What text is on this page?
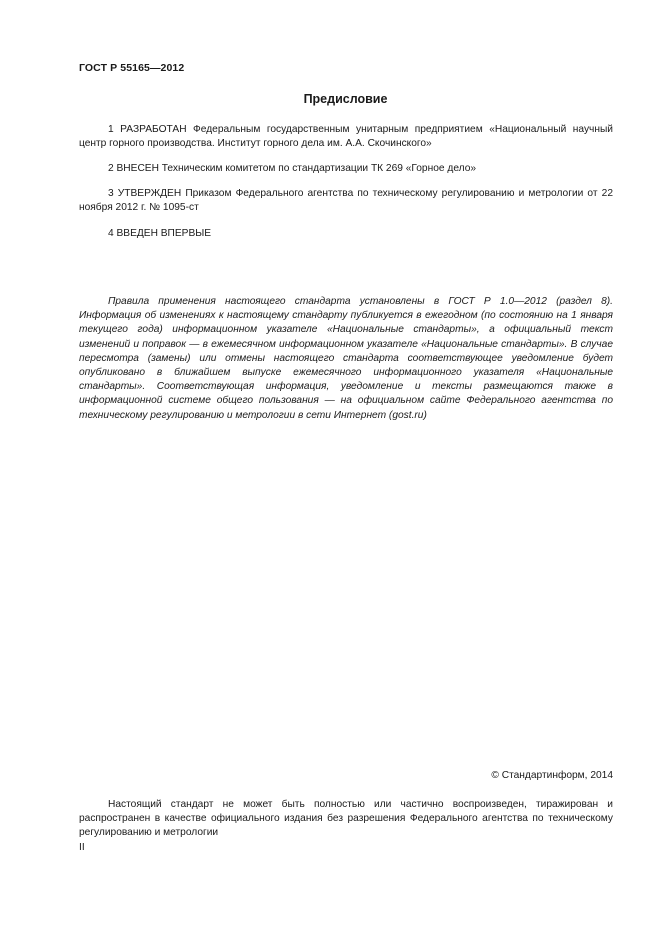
ГОСТ Р 55165—2012
Предисловие

1 РАЗРАБОТАН Федеральным государственным унитарным предприятием «Национальный научный центр горного производства. Институт горного дела им. А.А. Скочинского»

2 ВНЕСЕН Техническим комитетом по стандартизации ТК 269 «Горное дело»

3 УТВЕРЖДЕН Приказом Федерального агентства по техническому регулированию и метрологии от 22 ноября 2012 г. № 1095-ст

4 ВВЕДЕН ВПЕРВЫЕ

Правила применения настоящего стандарта установлены в ГОСТ Р 1.0—2012 (раздел 8). Информация об изменениях к настоящему стандарту публикуется в ежегодном (по состоянию на 1 января текущего года) информационном указателе «Национальные стандарты», а официальный текст изменений и поправок — в ежемесячном информационном указателе «Национальные стандарты». В случае пересмотра (замены) или отмены настоящего стандарта соответствующее уведомление будет опубликовано в ближайшем выпуске ежемесячного информационного указателя «Национальные стандарты». Соответствующая информация, уведомление и тексты размещаются также в информационной системе общего пользования — на официальном сайте Федерального агентства по техническому регулированию и метрологии в сети Интернет (gost.ru)

© Стандартинформ, 2014

Настоящий стандарт не может быть полностью или частично воспроизведен, тиражирован и распространен в качестве официального издания без разрешения Федерального агентства по техническому регулированию и метрологии

II
